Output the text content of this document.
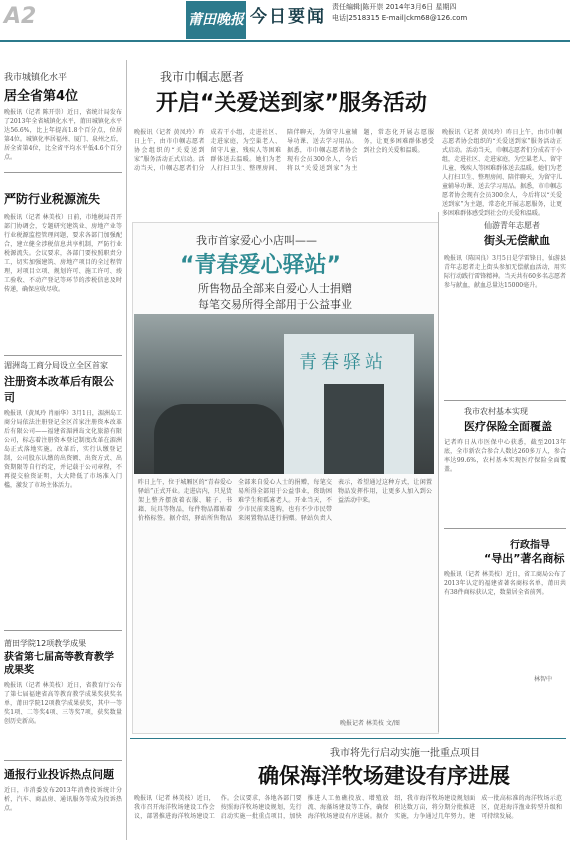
A2	莆田晚报 今日要闻 责任编辑|陈开崇 2014年3月6日 星期四
电话|2518315 E-mail|ckm68@126.com
我市城镇化水平
居全省第4位
晚报讯（记者 陈开崇）近日，省统计局发布了2013年全省城镇化水平，莆田城镇化水平达56.6%，比上年提高1.8个百分点，位居第4位。城镇化率居福州、厦门、泉州之后，居全省第4位，比全省平均水平低4.6个百分点。
严防行业税源流失
晚报讯（记者 林美枝）日前，市地税局召开部门协调会，专题研究建筑业、房地产业等行业税源监控管理问题，要求各部门加强配合，建立健全涉税信息共享机制，严防行业税源流失。会议要求，各部门要按照职责分工，切实加强建筑、房地产项目的全过程管理，对项目立项、规划许可、施工许可、竣工验收、不动产登记等环节的涉税信息及时传递，确保应收尽收。
湄洲岛工商分局设立全区首家
注册资本改革后有限公司
晚报讯（黄凤玲 肖丽华）3月1日，湄洲岛工商分局依法注册登记全区首家注册资本改革后有限公司——福建省湄洲岛文化旅游有限公司，标志着注册资本登记制度改革在湄洲岛正式落地实施。改革后，实行认缴登记制，公司股东认缴的出资额、出资方式、出资期限等自行约定，并记载于公司章程，不再提交验资证明，大大降低了市场准入门槛，激发了市场主体活力。
莆田学院12项教学成果
获省第七届高等教育教学成果奖
晚报讯（记者 林美枝）近日，省教育厅公布了第七届福建省高等教育教学成果奖获奖名单，莆田学院12项教学成果获奖，其中一等奖1项、二等奖4项、三等奖7项，获奖数量创历史新高。
通报行业投诉热点问题
近日，市消委发布2013年消费投诉统计分析，汽车、商品房、通讯服务等成为投诉热点。
我市巾帼志愿者
开启“关爱送到家”服务活动
晚报讯（记者 黄凤玲）昨日上午，由市巾帼志愿者协会组织的“关爱送到家”服务活动正式启动。活动当天，巾帼志愿者们分成若干小组，走进社区、走进家庭，为空巢老人、留守儿童、残疾人等困难群体送去温暖。她们为老人打扫卫生、整理房间、陪伴聊天，为留守儿童辅导功课、送去学习用品。据悉，市巾帼志愿者协会现有会员300余人，今后将以“关爱送到家”为主题，常态化开展志愿服务，让更多困难群体感受到社会的关爱和温暖。
我市首家爱心小店叫——
“青春爱心驿站”
所售物品全部来自爱心人士捐赠
每笔交易所得全部用于公益事业
青春驿站
昨日上午，位于城厢区的“青春爱心驿站”正式开业。走进店内，只见货架上整齐摆放着衣服、鞋子、书籍、玩具等物品，每件物品都贴着价格标签。据介绍，驿站所售物品全部来自爱心人士的捐赠，每笔交易所得全部用于公益事业，资助困难学生和孤寡老人。开业当天，不少市民前来选购，也有不少市民带来闲置物品进行捐赠。驿站负责人表示，希望通过这种方式，让闲置物品发挥作用，让更多人加入到公益活动中来。
晚报记者 林美枝 文/图
晚报讯（记者 黄凤玲）昨日上午，由市巾帼志愿者协会组织的“关爱送到家”服务活动正式启动。活动当天，巾帼志愿者们分成若干小组，走进社区、走进家庭，为空巢老人、留守儿童、残疾人等困难群体送去温暖。她们为老人打扫卫生、整理房间、陪伴聊天，为留守儿童辅导功课、送去学习用品。据悉，市巾帼志愿者协会现有会员300余人，今后将以“关爱送到家”为主题，常态化开展志愿服务，让更多困难群体感受到社会的关爱和温暖。
仙游青年志愿者
街头无偿献血
晚报讯（陈国良）3月5日是学雷锋日，仙游县青年志愿者走上街头参加无偿献血活动，用实际行动践行雷锋精神。当天共有60多名志愿者参与献血，献血总量达15000毫升。
我市农村基本实现
医疗保险全面覆盖
记者昨日从市医保中心获悉，截至2013年底，全市新农合参合人数达260多万人，参合率达99.6%，农村基本实现医疗保险全面覆盖。
行政指导
“导出”著名商标
晚报讯（记者 林美枝）近日，省工商局公布了2013年认定的福建省著名商标名单，莆田共有38件商标获认定，数量居全省前列。
林智中
我市将先行启动实施一批重点项目
确保海洋牧场建设有序进展
晚报讯（记者 林美枝）近日，我市召开海洋牧场建设工作会议，部署推进海洋牧场建设工作。会议要求，各地各部门要按照海洋牧场建设规划，先行启动实施一批重点项目，加快推进人工鱼礁投放、增殖放流、海藻场建设等工作，确保海洋牧场建设有序进展。据介绍，我市海洋牧场建设规划面积达数万亩，将分期分批推进实施，力争通过几年努力，建成一批高标准的海洋牧场示范区，促进海洋渔业转型升级和可持续发展。
